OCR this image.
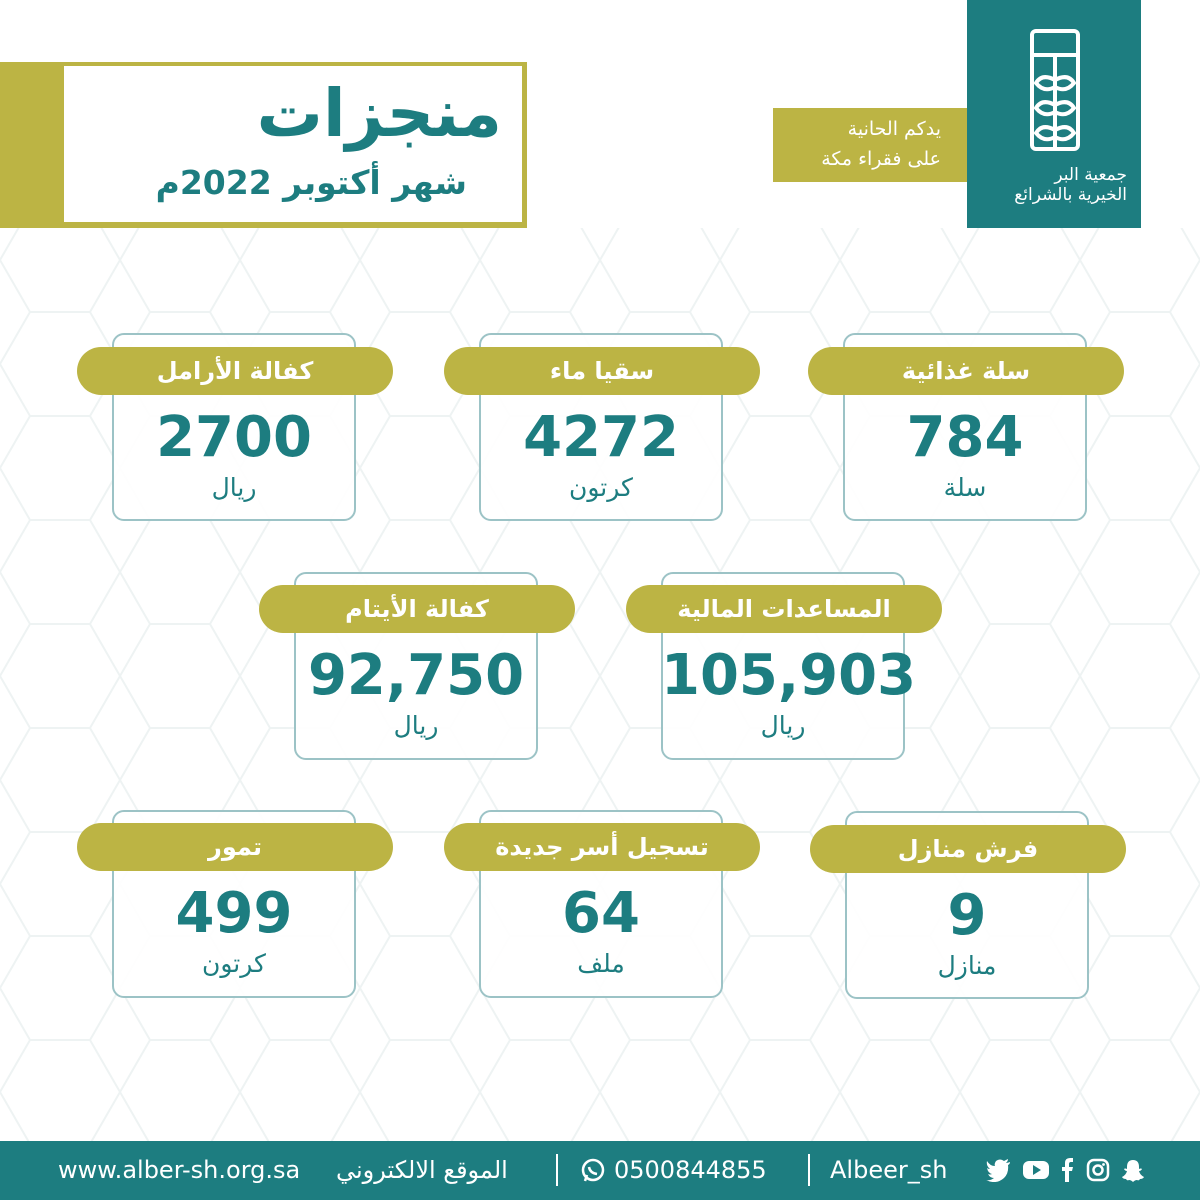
منجزات
شهر أكتوبر 2022م
يدكم الحانية
على فقراء مكة
جمعية البر
الخيرية بالشرائع
سلة غذائية
784
سلة
سقيا ماء
4272
كرتون
كفالة الأرامل
2700
ريال
المساعدات المالية
105,903
ريال
كفالة الأيتام
92,750
ريال
فرش منازل
9
منازل
تسجيل أسر جديدة
64
ملف
تمور
499
كرتون
www.alber-sh.org.sa الموقع الالكتروني	0500844855	Albeer_sh
